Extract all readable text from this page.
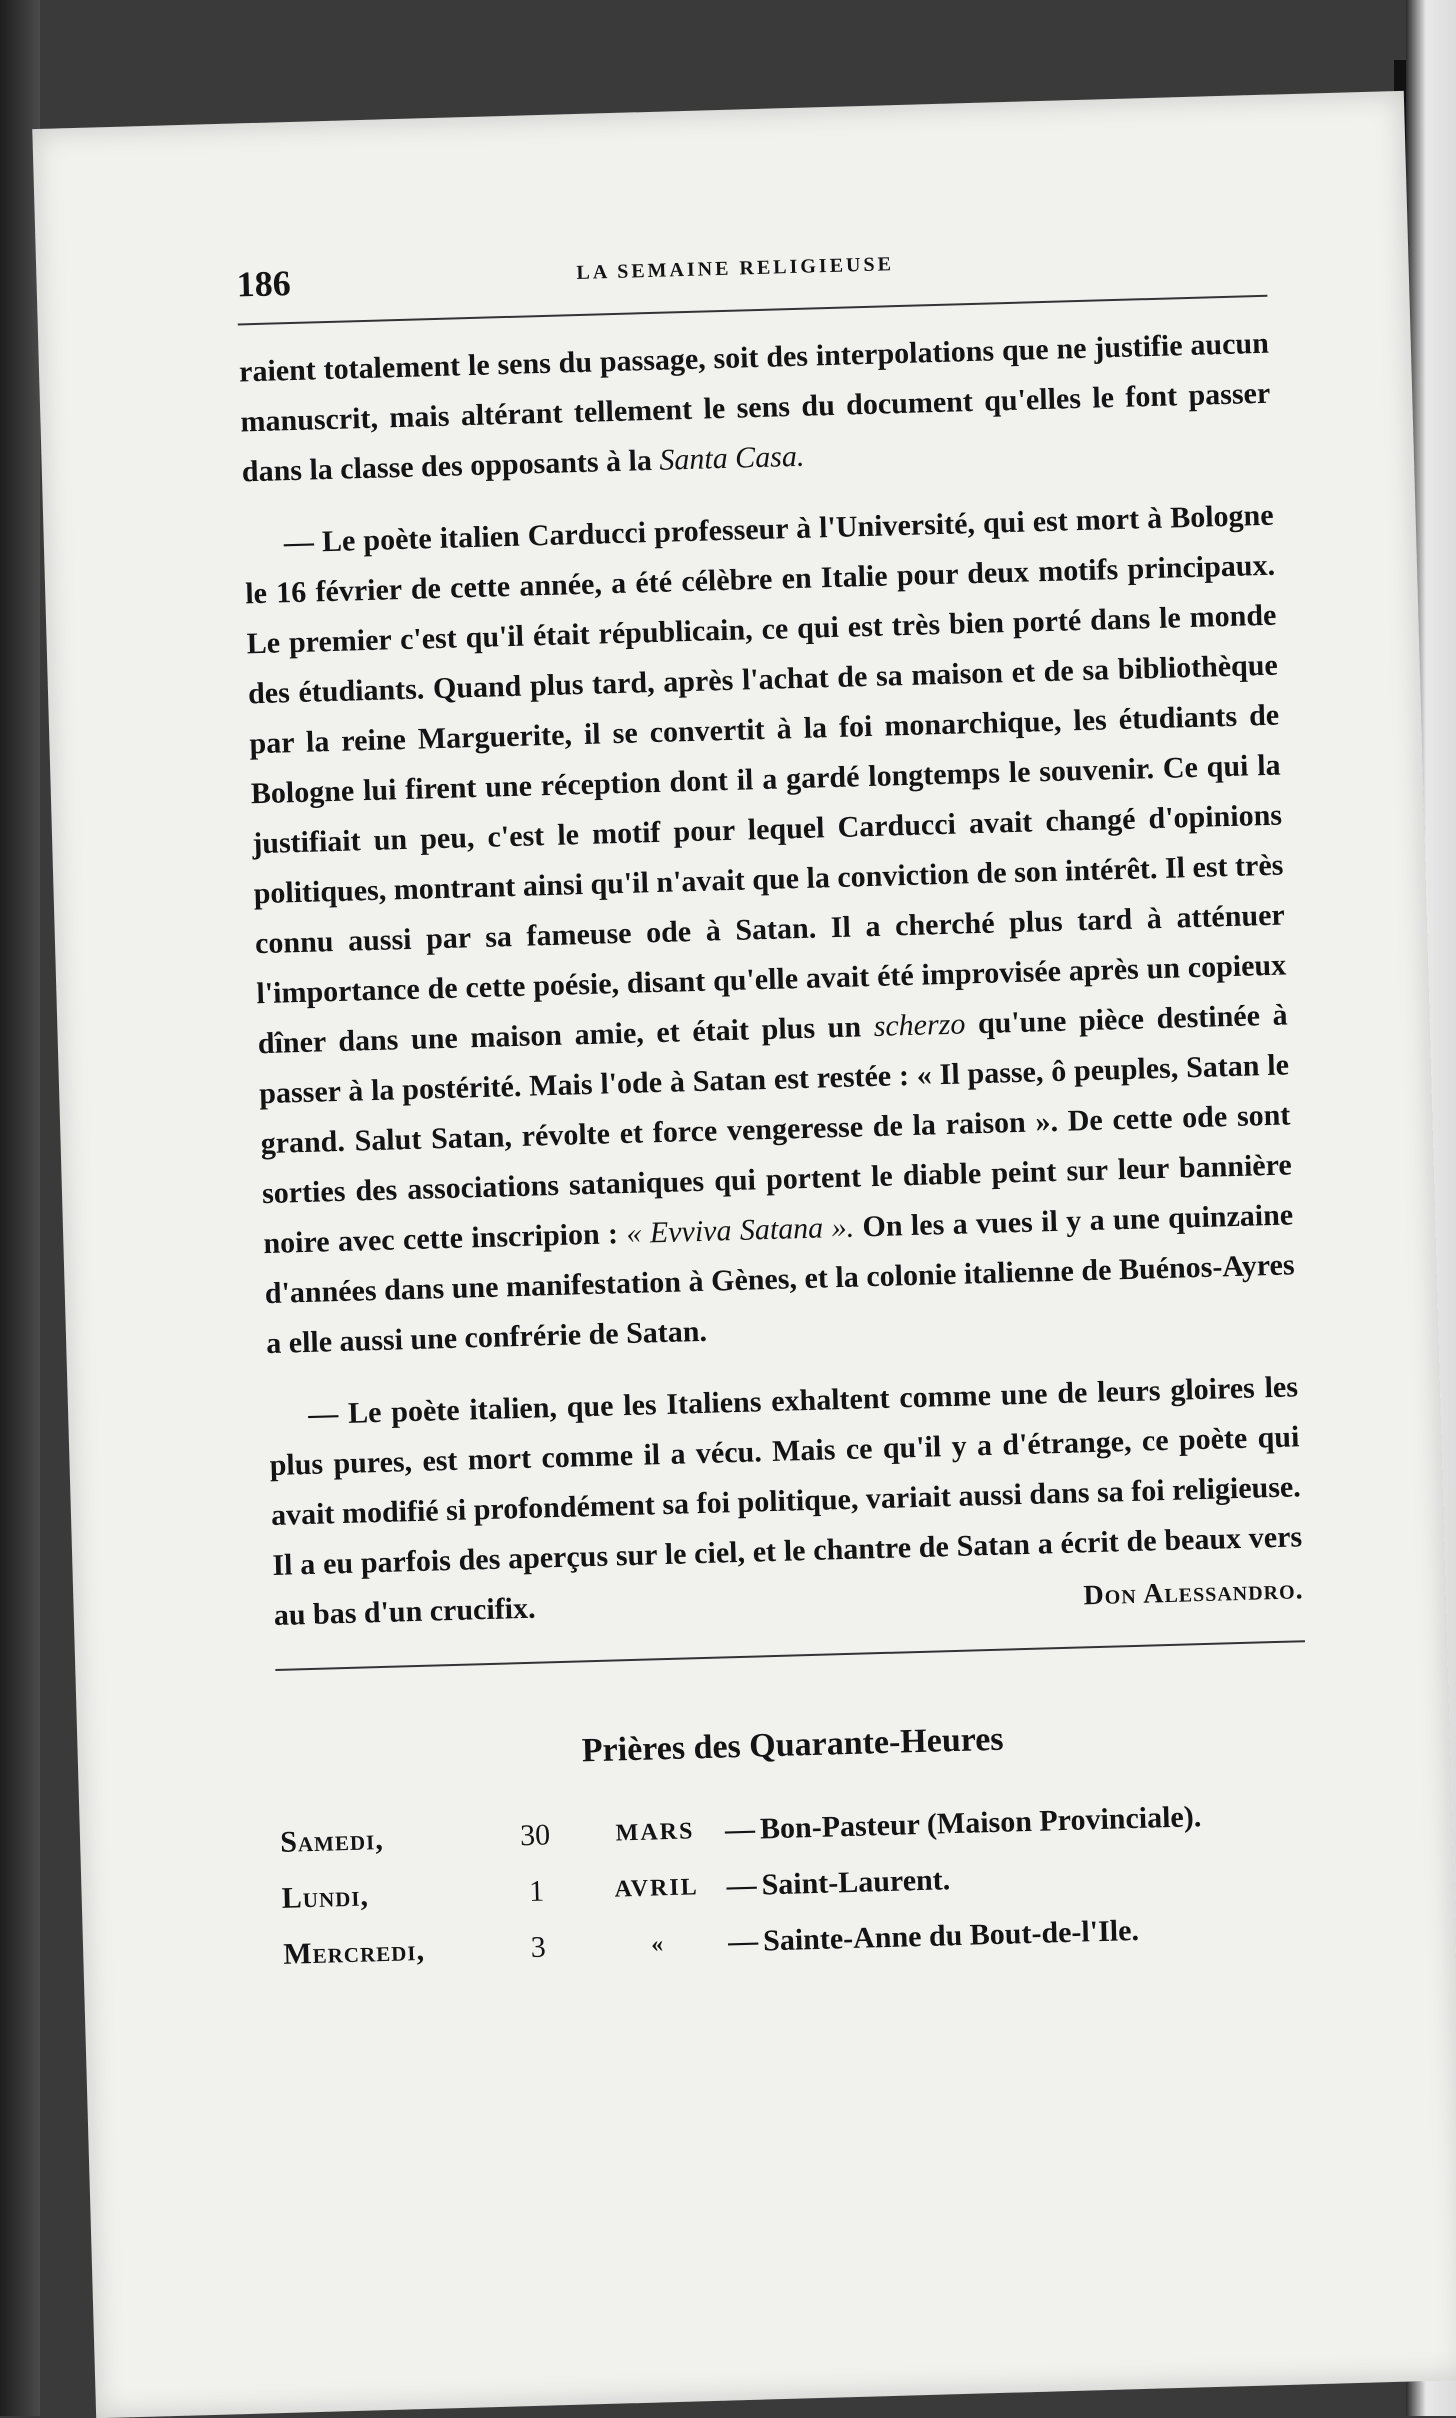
186	LA SEMAINE RELIGIEUSE

raient totalement le sens du passage, soit des interpolations que ne justifie aucun manuscrit, mais altérant tellement le sens du document qu'elles le font passer dans la classe des opposants à la Santa Casa.

— Le poète italien Carducci professeur à l'Université, qui est mort à Bologne le 16 février de cette année, a été célèbre en Italie pour deux motifs principaux. Le premier c'est qu'il était républicain, ce qui est très bien porté dans le monde des étudiants. Quand plus tard, après l'achat de sa maison et de sa bibliothèque par la reine Marguerite, il se convertit à la foi monarchique, les étudiants de Bologne lui firent une réception dont il a gardé longtemps le souvenir. Ce qui la justifiait un peu, c'est le motif pour lequel Carducci avait changé d'opinions politiques, montrant ainsi qu'il n'avait que la conviction de son intérêt. Il est très connu aussi par sa fameuse ode à Satan. Il a cherché plus tard à atténuer l'importance de cette poésie, disant qu'elle avait été improvisée après un copieux dîner dans une maison amie, et était plus un scherzo qu'une pièce destinée à passer à la postérité. Mais l'ode à Satan est restée : « Il passe, ô peuples, Satan le grand. Salut Satan, révolte et force vengeresse de la raison ». De cette ode sont sorties des associations sataniques qui portent le diable peint sur leur bannière noire avec cette inscripion : « Evviva Satana ». On les a vues il y a une quinzaine d'années dans une manifestation à Gènes, et la colonie italienne de Buénos-Ayres a elle aussi une confrérie de Satan.

— Le poète italien, que les Italiens exhaltent comme une de leurs gloires les plus pures, est mort comme il a vécu. Mais ce qu'il y a d'étrange, ce poète qui avait modifié si profondément sa foi politique, variait aussi dans sa foi religieuse. Il a eu parfois des aperçus sur le ciel, et le chantre de Satan a écrit de beaux vers au bas d'un crucifix.	Don Alessandro.
Prières des Quarante-Heures
Samedi,	30	MARS	—	Bon-Pasteur (Maison Provinciale).
Lundi,	1	AVRIL	—	Saint-Laurent.
Mercredi,	3	«	—	Sainte-Anne du Bout-de-l'Ile.
